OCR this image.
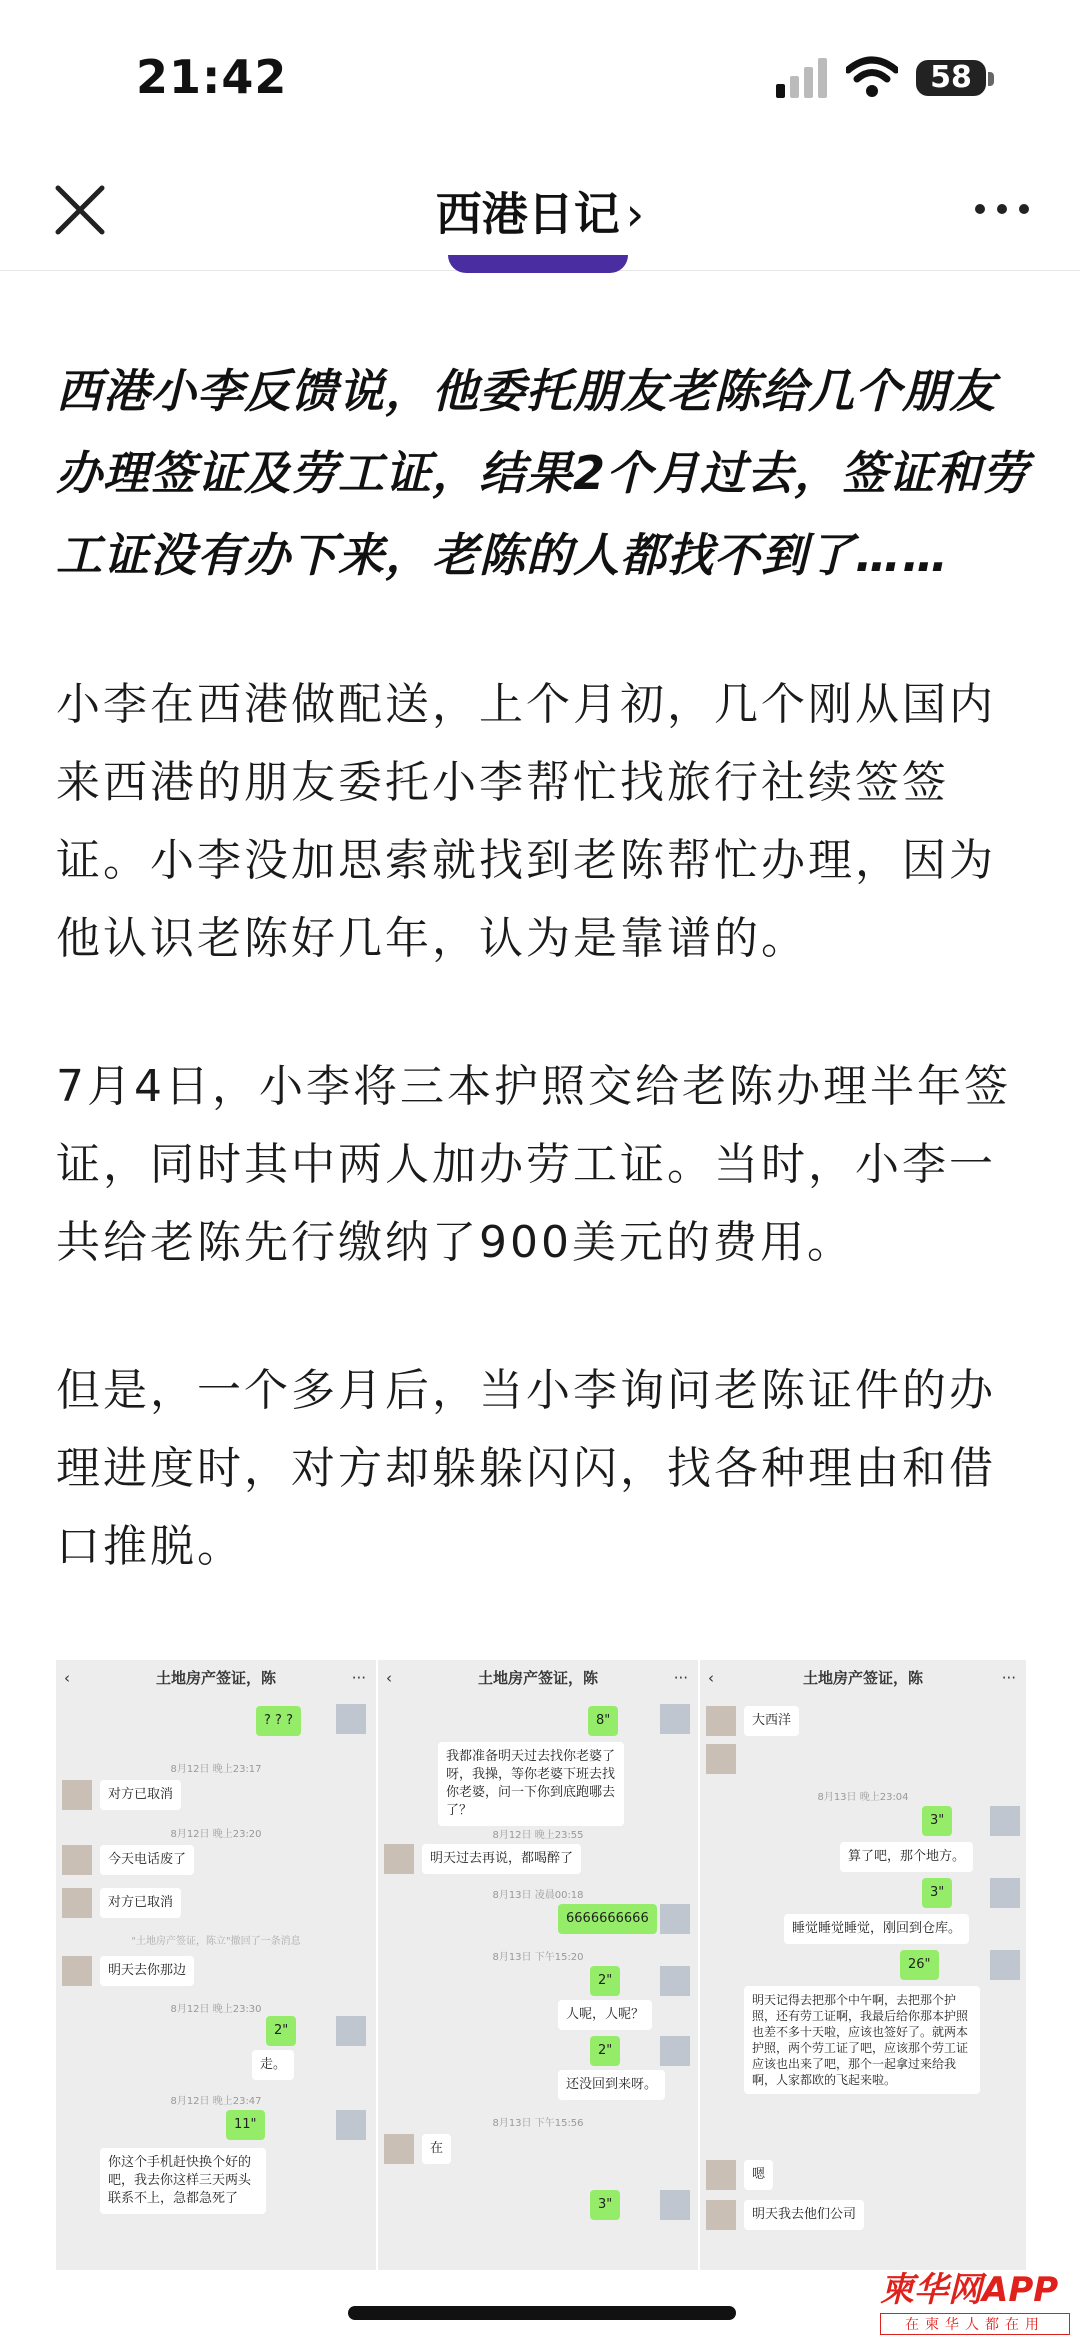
21:42	58
西港日记 ›

西港小李反馈说，他委托朋友老陈给几个朋友办理签证及劳工证，结果2个月过去，签证和劳工证没有办下来，老陈的人都找不到了……

小李在西港做配送，上个月初，几个刚从国内来西港的朋友委托小李帮忙找旅行社续签签证。小李没加思索就找到老陈帮忙办理，因为他认识老陈好几年，认为是靠谱的。

7月4日，小李将三本护照交给老陈办理半年签证，同时其中两人加办劳工证。当时，小李一共给老陈先行缴纳了900美元的费用。

但是，一个多月后，当小李询问老陈证件的办理进度时，对方却躲躲闪闪，找各种理由和借口推脱。

‹	土地房产签证，陈	···
? ? ?
8月12日 晚上23:17
对方已取消
8月12日 晚上23:20
今天电话废了
对方已取消
"土地房产签证，陈立"撤回了一条消息
明天去你那边
8月12日 晚上23:30
2"
走。
8月12日 晚上23:47
11"
你这个手机赶快换个好的吧，我去你这样三天两头联系不上，急都急死了
‹	土地房产签证，陈	···
8"
我都准备明天过去找你老婆了呀，我操，等你老婆下班去找你老婆，问一下你到底跑哪去了？
8月12日 晚上23:55
明天过去再说，都喝醉了
8月13日 凌晨00:18
6666666666
8月13日 下午15:20
2"
人呢，人呢？
2"
还没回到来呀。
8月13日 下午15:56
在
3"
‹	土地房产签证，陈	···
大西洋
8月13日 晚上23:04
3"
算了吧，那个地方。
3"
睡觉睡觉睡觉，刚回到仓库。
26"
明天记得去把那个中午啊，去把那个护照，还有劳工证啊，我最后给你那本护照也差不多十天啦，应该也签好了。就两本护照，两个劳工证了吧，应该那个劳工证应该也出来了吧，那个一起拿过来给我啊，人家都欧的飞起来啦。
嗯
明天我去他们公司
柬华网APP
在柬华人都在用
